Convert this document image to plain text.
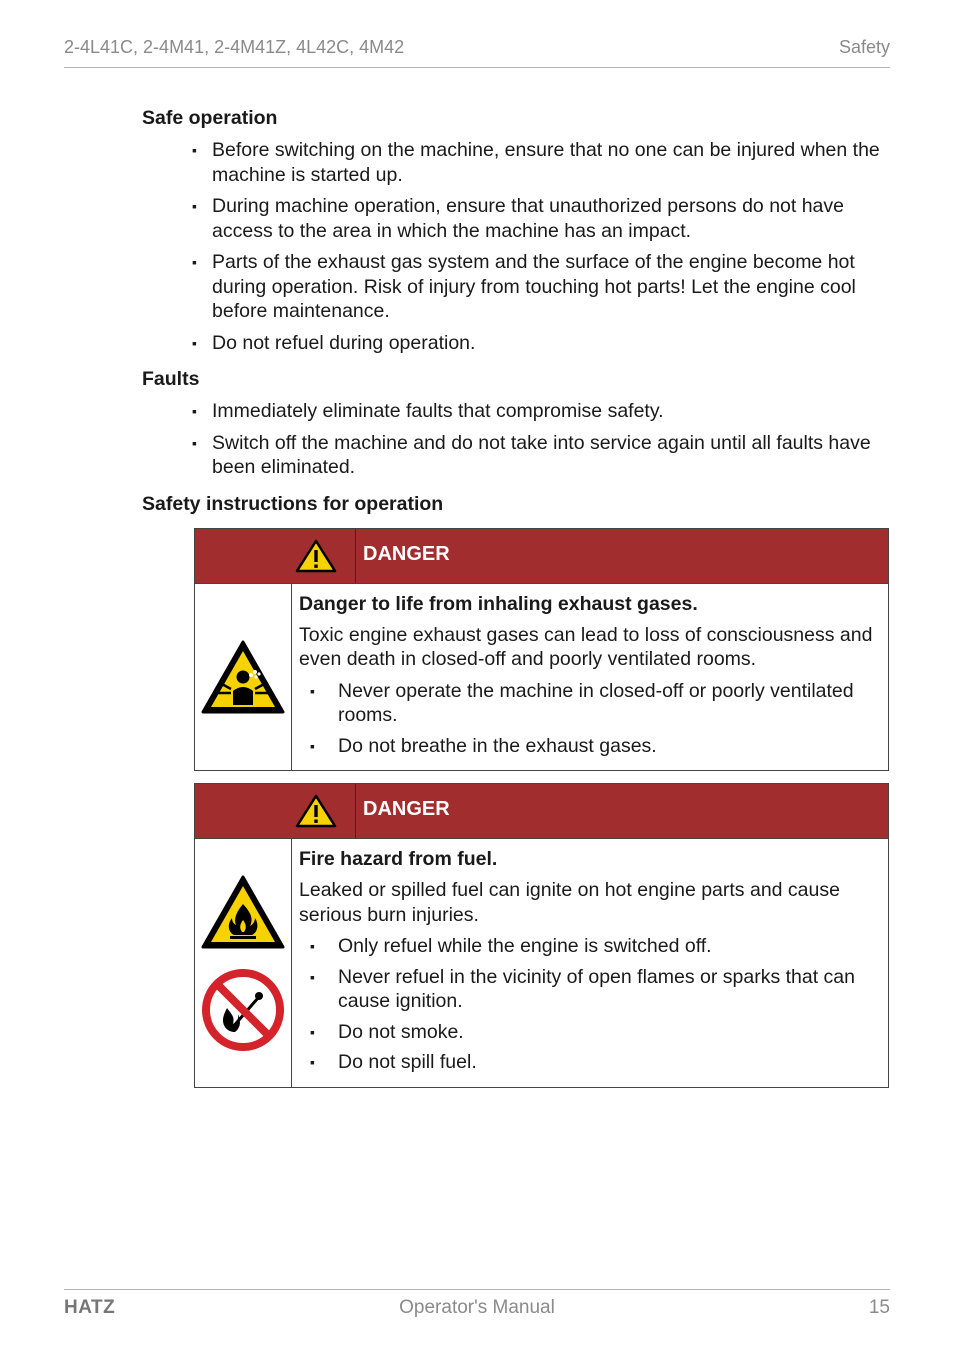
2-4L41C, 2-4M41, 2-4M41Z, 4L42C, 4M42	Safety
Safe operation
▪ Before switching on the machine, ensure that no one can be injured when the machine is started up.
▪ During machine operation, ensure that unauthorized persons do not have access to the area in which the machine has an impact.
▪ Parts of the exhaust gas system and the surface of the engine become hot during operation. Risk of injury from touching hot parts! Let the engine cool before maintenance.
▪ Do not refuel during operation.
Faults
▪ Immediately eliminate faults that compromise safety.
▪ Switch off the machine and do not take into service again until all faults have been eliminated.
Safety instructions for operation
DANGER
Danger to life from inhaling exhaust gases.
Toxic engine exhaust gases can lead to loss of consciousness and even death in closed-off and poorly ventilated rooms.
▪ Never operate the machine in closed-off or poorly ventilated rooms.
▪ Do not breathe in the exhaust gases.
DANGER
Fire hazard from fuel.
Leaked or spilled fuel can ignite on hot engine parts and cause serious burn injuries.
▪ Only refuel while the engine is switched off.
▪ Never refuel in the vicinity of open flames or sparks that can cause ignition.
▪ Do not smoke.
▪ Do not spill fuel.
HATZ	Operator's Manual	15
